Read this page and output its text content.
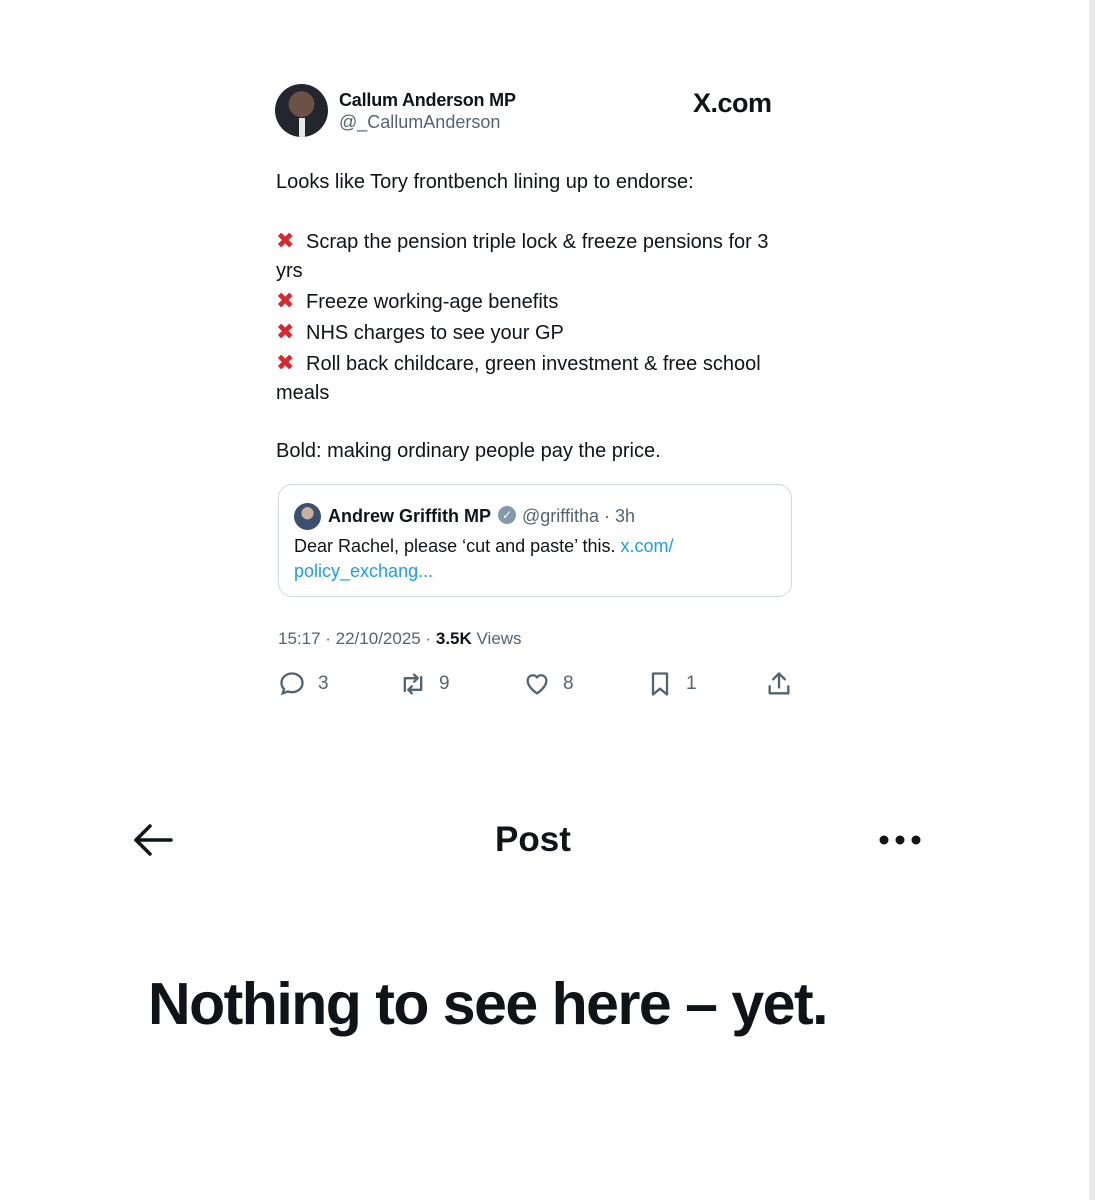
Callum Anderson MP
@_CallumAnderson
X.com

Looks like Tory frontbench lining up to endorse:

✖ Scrap the pension triple lock & freeze pensions for 3 yrs

✖ Freeze working-age benefits

✖ NHS charges to see your GP

✖ Roll back childcare, green investment & free school meals

Bold: making ordinary people pay the price.

Andrew Griffith MP ✓ @griffitha · 3h
Dear Rachel, please ‘cut and paste’ this. x.com/ policy_exchang...
15:17 · 22/10/2025 · 3.5K Views
3	9	8	1
Post
Nothing to see here – yet.
